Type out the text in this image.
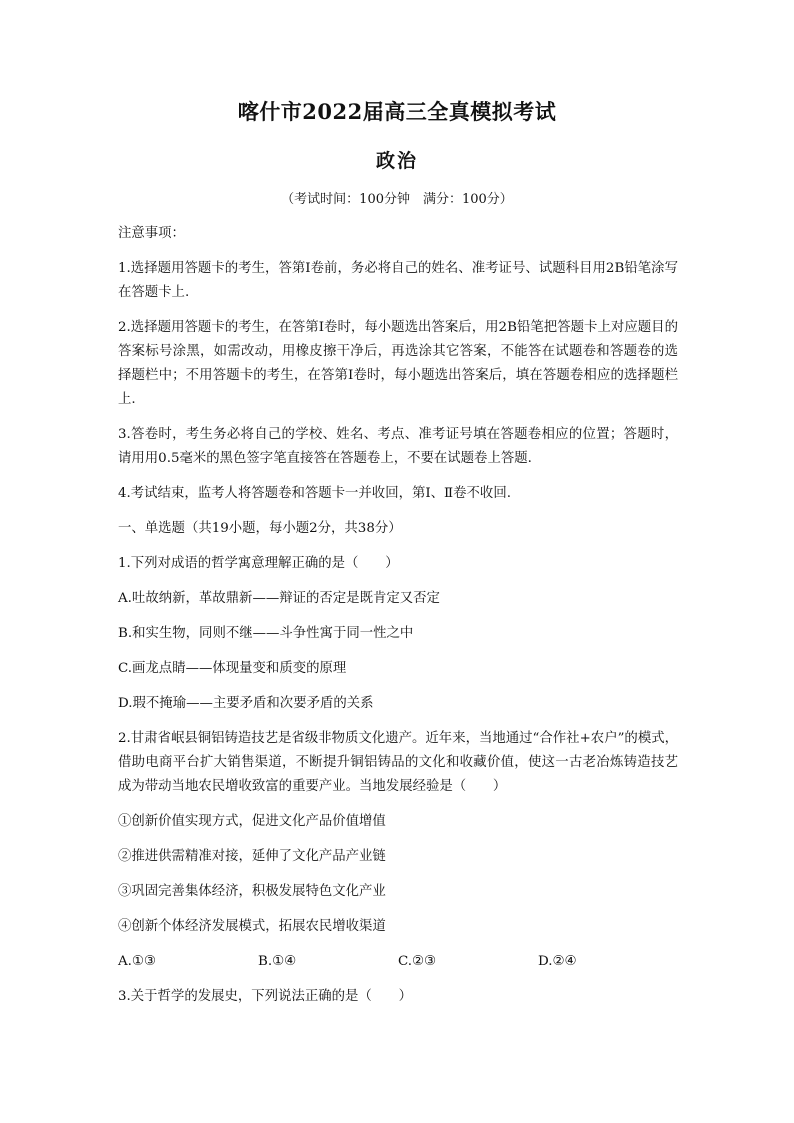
喀什市2022届高三全真模拟考试
政治
（考试时间：100分钟　满分：100分）

注意事项：

1.选择题用答题卡的考生，答第Ⅰ卷前，务必将自己的姓名、准考证号、试题科目用2B铅笔涂写在答题卡上.

2.选择题用答题卡的考生，在答第Ⅰ卷时，每小题选出答案后，用2B铅笔把答题卡上对应题目的答案标号涂黑，如需改动，用橡皮擦干净后，再选涂其它答案，不能答在试题卷和答题卷的选择题栏中；不用答题卡的考生，在答第Ⅰ卷时，每小题选出答案后，填在答题卷相应的选择题栏上.

3.答卷时，考生务必将自己的学校、姓名、考点、准考证号填在答题卷相应的位置；答题时，请用用0.5毫米的黑色签字笔直接答在答题卷上，不要在试题卷上答题.

4.考试结束，监考人将答题卷和答题卡一并收回，第Ⅰ、Ⅱ卷不收回.

一、单选题（共19小题，每小题2分，共38分）

1.下列对成语的哲学寓意理解正确的是（　　）

A.吐故纳新，革故鼎新——辩证的否定是既肯定又否定

B.和实生物，同则不继——斗争性寓于同一性之中

C.画龙点睛——体现量变和质变的原理

D.瑕不掩瑜——主要矛盾和次要矛盾的关系

2.甘肃省岷县铜铝铸造技艺是省级非物质文化遗产。近年来，当地通过“合作社+农户”的模式，借助电商平台扩大销售渠道，不断提升铜铝铸品的文化和收藏价值，使这一古老冶炼铸造技艺成为带动当地农民增收致富的重要产业。当地发展经验是（　　）

①创新价值实现方式，促进文化产品价值增值

②推进供需精准对接，延伸了文化产品产业链

③巩固完善集体经济，积极发展特色文化产业

④创新个体经济发展模式，拓展农民增收渠道

A.①③	B.①④	C.②③	D.②④

3.关于哲学的发展史，下列说法正确的是（　　）
